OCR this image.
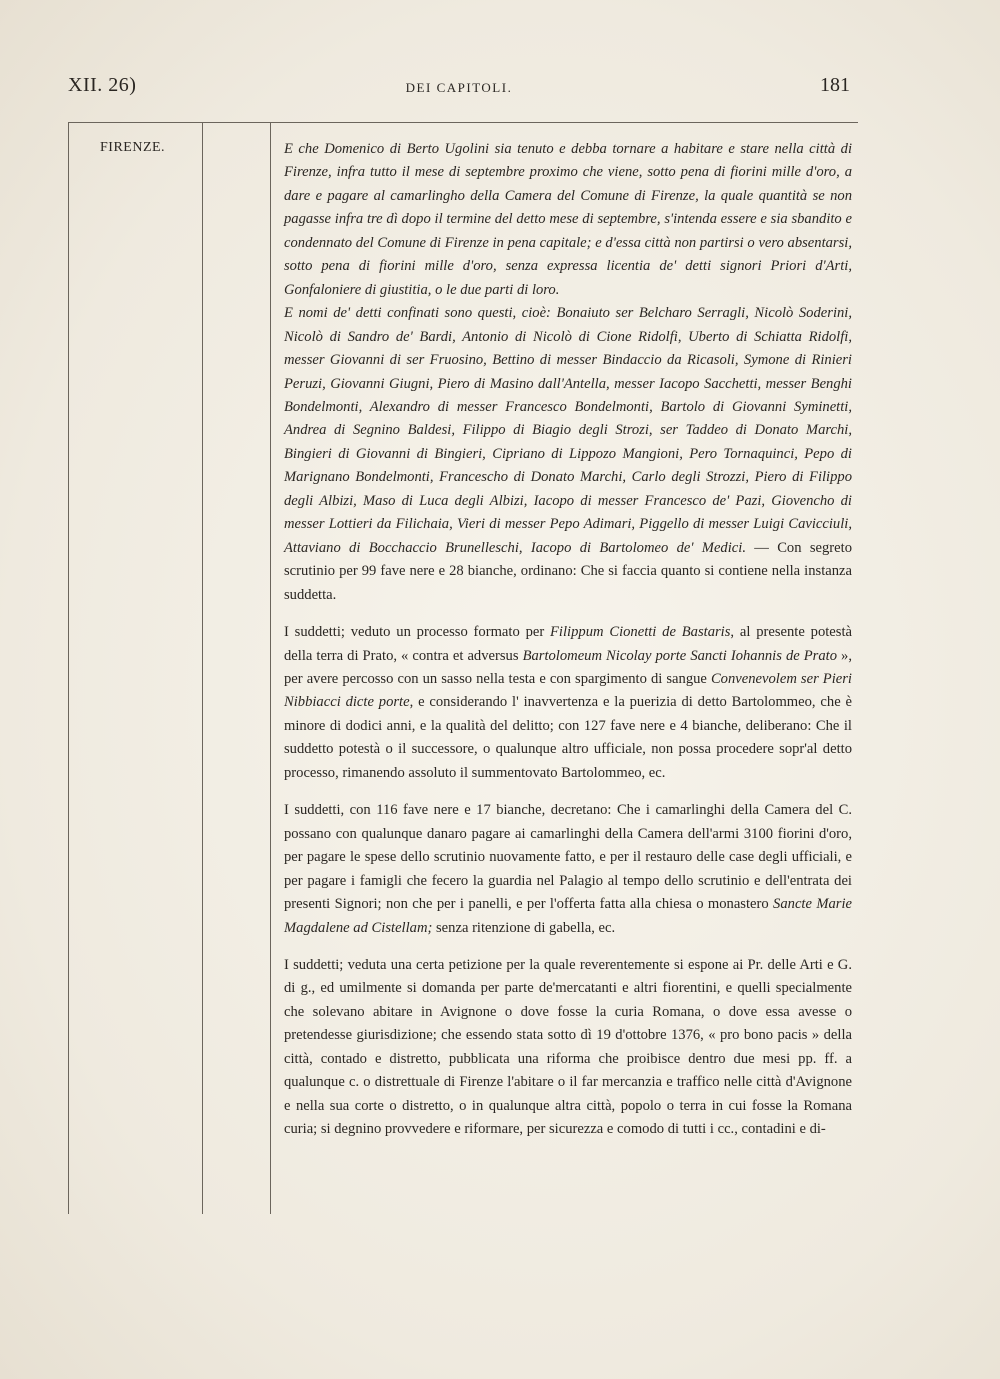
XII. 26)	DEI CAPITOLI.	181
FIRENZE.	E che Domenico di Berto Ugolini sia tenuto e debba tornare a habitare e stare nella città di Firenze, infra tutto il mese di septembre proximo che viene, sotto pena di fiorini mille d'oro, a dare e pagare al camarlingho della Camera del Comune di Firenze, la quale quantità se non pagasse infra tre dì dopo il termine del detto mese di septembre, s'intenda essere e sia sbandito e condennato del Comune di Firenze in pena capitale; e d'essa città non partirsi o vero absentarsi, sotto pena di fiorini mille d'oro, senza expressa licentia de' detti signori Priori d'Arti, Gonfaloniere di giustitia, o le due parti di loro.

E nomi de' detti confinati sono questi, cioè: Bonaiuto ser Belcharo Serragli, Nicolò Soderini, Nicolò di Sandro de' Bardi, Antonio di Nicolò di Cione Ridolfi, Uberto di Schiatta Ridolfi, messer Giovanni di ser Fruosino, Bettino di messer Bindaccio da Ricasoli, Symone di Rinieri Peruzi, Giovanni Giugni, Piero di Masino dall'Antella, messer Iacopo Sacchetti, messer Benghi Bondelmonti, Alexandro di messer Francesco Bondelmonti, Bartolo di Giovanni Syminetti, Andrea di Segnino Baldesi, Filippo di Biagio degli Strozi, ser Taddeo di Donato Marchi, Bingieri di Giovanni di Bingieri, Cipriano di Lippozo Mangioni, Pero Tornaquinci, Pepo di Marignano Bondelmonti, Francescho di Donato Marchi, Carlo degli Strozzi, Piero di Filippo degli Albizi, Maso di Luca degli Albizi, Iacopo di messer Francesco de' Pazi, Giovencho di messer Lottieri da Filichaia, Vieri di messer Pepo Adimari, Piggello di messer Luigi Cavicciuli, Attaviano di Bocchaccio Brunelleschi, Iacopo di Bartolomeo de' Medici. — Con segreto scrutinio per 99 fave nere e 28 bianche, ordinano: Che si faccia quanto si contiene nella instanza suddetta.

I suddetti; veduto un processo formato per Filippum Cionetti de Bastaris, al presente potestà della terra di Prato, « contra et adversus Bartolomeum Nicolay porte Sancti Iohannis de Prato », per avere percosso con un sasso nella testa e con spargimento di sangue Convenevolem ser Pieri Nibbiacci dicte porte, e considerando l' inavvertenza e la puerizia di detto Bartolommeo, che è minore di dodici anni, e la qualità del delitto; con 127 fave nere e 4 bianche, deliberano: Che il suddetto potestà o il successore, o qualunque altro ufficiale, non possa procedere sopr'al detto processo, rimanendo assoluto il summentovato Bartolommeo, ec.

I suddetti, con 116 fave nere e 17 bianche, decretano: Che i camarlinghi della Camera del C. possano con qualunque danaro pagare ai camarlinghi della Camera dell'armi 3100 fiorini d'oro, per pagare le spese dello scrutinio nuovamente fatto, e per il restauro delle case degli ufficiali, e per pagare i famigli che fecero la guardia nel Palagio al tempo dello scrutinio e dell'entrata dei presenti Signori; non che per i panelli, e per l'offerta fatta alla chiesa o monastero Sancte Marie Magdalene ad Cistellam; senza ritenzione di gabella, ec.

I suddetti; veduta una certa petizione per la quale reverentemente si espone ai Pr. delle Arti e G. di g., ed umilmente si domanda per parte de'mercatanti e altri fiorentini, e quelli specialmente che solevano abitare in Avignone o dove fosse la curia Romana, o dove essa avesse o pretendesse giurisdizione; che essendo stata sotto dì 19 d'ottobre 1376, « pro bono pacis » della città, contado e distretto, pubblicata una riforma che proibisce dentro due mesi pp. ff. a qualunque c. o distrettuale di Firenze l'abitare o il far mercanzia e traffico nelle città d'Avignone e nella sua corte o distretto, o in qualunque altra città, popolo o terra in cui fosse la Romana curia; si degnino provvedere e riformare, per sicurezza e comodo di tutti i cc., contadini e di-
